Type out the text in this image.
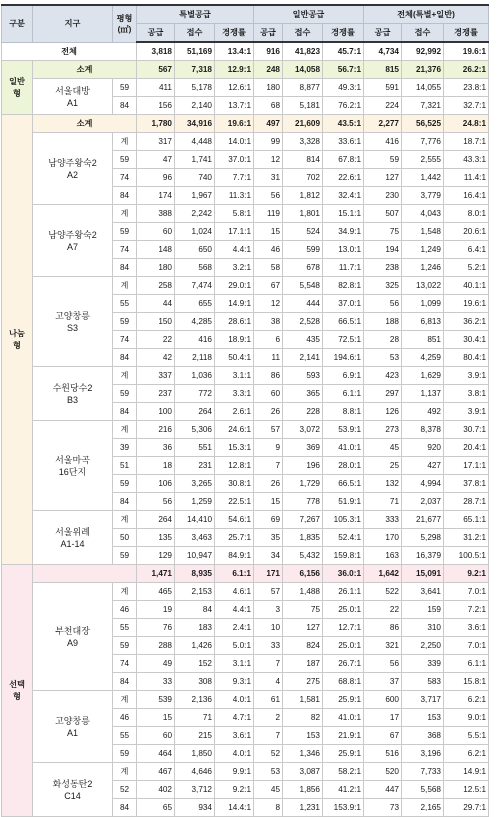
구분	지구	평형
(㎡)	특별공급			일반공급			전체(특별+일반)		
			공급	접수	경쟁률	공급	접수	경쟁률	공급	접수	경쟁률
전체			3,818	51,169	13.4:1	916	41,823	45.7:1	4,734	92,992	19.6:1
일반
형	소계		567	7,318	12.9:1	248	14,058	56.7:1	815	21,376	26.2:1
	서울대방
A1	59	411	5,178	12.6:1	180	8,877	49.3:1	591	14,055	23.8:1
		84	156	2,140	13.7:1	68	5,181	76.2:1	224	7,321	32.7:1
나눔
형	소계		1,780	34,916	19.6:1	497	21,609	43.5:1	2,277	56,525	24.8:1
	남양주왕숙2
A2	계	317	4,448	14.0:1	99	3,328	33.6:1	416	7,776	18.7:1
		59	47	1,741	37.0:1	12	814	67.8:1	59	2,555	43.3:1
		74	96	740	7.7:1	31	702	22.6:1	127	1,442	11.4:1
		84	174	1,967	11.3:1	56	1,812	32.4:1	230	3,779	16.4:1
	남양주왕숙2
A7	계	388	2,242	5.8:1	119	1,801	15.1:1	507	4,043	8.0:1
		59	60	1,024	17.1:1	15	524	34.9:1	75	1,548	20.6:1
		74	148	650	4.4:1	46	599	13.0:1	194	1,249	6.4:1
		84	180	568	3.2:1	58	678	11.7:1	238	1,246	5.2:1
	고양창릉
S3	계	258	7,474	29.0:1	67	5,548	82.8:1	325	13,022	40.1:1
		55	44	655	14.9:1	12	444	37.0:1	56	1,099	19.6:1
		59	150	4,285	28.6:1	38	2,528	66.5:1	188	6,813	36.2:1
		74	22	416	18.9:1	6	435	72.5:1	28	851	30.4:1
		84	42	2,118	50.4:1	11	2,141	194.6:1	53	4,259	80.4:1
	수원당수2
B3	계	337	1,036	3.1:1	86	593	6.9:1	423	1,629	3.9:1
		59	237	772	3.3:1	60	365	6.1:1	297	1,137	3.8:1
		84	100	264	2.6:1	26	228	8.8:1	126	492	3.9:1
	서울마곡
16단지	계	216	5,306	24.6:1	57	3,072	53.9:1	273	8,378	30.7:1
		39	36	551	15.3:1	9	369	41.0:1	45	920	20.4:1
		51	18	231	12.8:1	7	196	28.0:1	25	427	17.1:1
		59	106	3,265	30.8:1	26	1,729	66.5:1	132	4,994	37.8:1
		84	56	1,259	22.5:1	15	778	51.9:1	71	2,037	28.7:1
	서울위례
A1-14	계	264	14,410	54.6:1	69	7,267	105.3:1	333	21,677	65.1:1
		50	135	3,463	25.7:1	35	1,835	52.4:1	170	5,298	31.2:1
		59	129	10,947	84.9:1	34	5,432	159.8:1	163	16,379	100.5:1
선택
형			1,471	8,935	6.1:1	171	6,156	36.0:1	1,642	15,091	9.2:1
	부천대장
A9	계	465	2,153	4.6:1	57	1,488	26.1:1	522	3,641	7.0:1
		46	19	84	4.4:1	3	75	25.0:1	22	159	7.2:1
		55	76	183	2.4:1	10	127	12.7:1	86	310	3.6:1
		59	288	1,426	5.0:1	33	824	25.0:1	321	2,250	7.0:1
		74	49	152	3.1:1	7	187	26.7:1	56	339	6.1:1
		84	33	308	9.3:1	4	275	68.8:1	37	583	15.8:1
	고양창릉
A1	계	539	2,136	4.0:1	61	1,581	25.9:1	600	3,717	6.2:1
		46	15	71	4.7:1	2	82	41.0:1	17	153	9.0:1
		55	60	215	3.6:1	7	153	21.9:1	67	368	5.5:1
		59	464	1,850	4.0:1	52	1,346	25.9:1	516	3,196	6.2:1
	화성동탄2
C14	계	467	4,646	9.9:1	53	3,087	58.2:1	520	7,733	14.9:1
		52	402	3,712	9.2:1	45	1,856	41.2:1	447	5,568	12.5:1
		84	65	934	14.4:1	8	1,231	153.9:1	73	2,165	29.7:1
